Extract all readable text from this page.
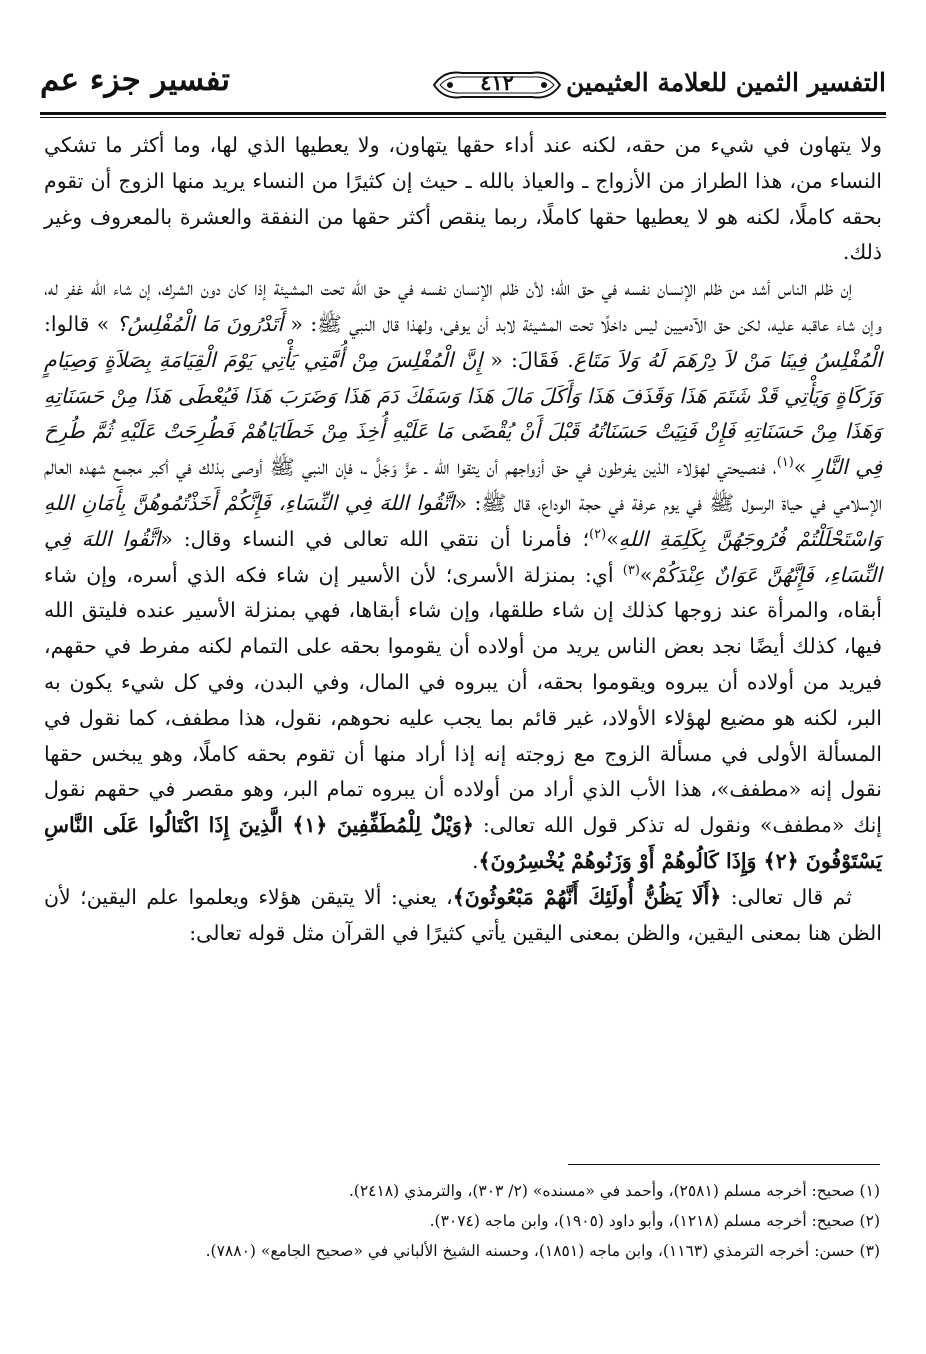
التفسير الثمين للعلامة العثيمين
٤١٢
تفسير جزء عم

ولا يتهاون في شيء من حقه، لكنه عند أداء حقها يتهاون، ولا يعطيها الذي لها، وما أكثر ما تشكي النساء من، هذا الطراز من الأزواج ـ والعياذ بالله ـ حيث إن كثيرًا من النساء يريد منها الزوج أن تقوم بحقه كاملًا، لكنه هو لا يعطيها حقها كاملًا، ربما ينقص أكثر حقها من النفقة والعشرة بالمعروف وغير ذلك.

إن ظلم الناس أشد من ظلم الإنسان نفسه في حق الله؛ لأن ظلم الإنسان نفسه في حق الله تحت المشيئة إذا كان دون الشرك، إن شاء الله غفر له، وإن شاء عاقبه عليه، لكن حق الآدميين ليس داخلًا تحت المشيئة لابد أن يوفى، ولهذا قال النبي ﷺ: « أَتَدْرُونَ مَا الْمُفْلِسُ؟ » قالوا: الْمُفْلِسُ فِينَا مَنْ لاَ دِرْهَمَ لَهُ وَلاَ مَتَاعَ. فَقَالَ: « إِنَّ الْمُفْلِسَ مِنْ أُمَّتِي يَأْتِي يَوْمَ الْقِيَامَةِ بِصَلاَةٍ وَصِيَامٍ وَزَكَاةٍ وَيَأْتِي قَدْ شَتَمَ هَذَا وَقَذَفَ هَذَا وَأَكَلَ مَالَ هَذَا وَسَفَكَ دَمَ هَذَا وَضَرَبَ هَذَا فَيُعْطَى هَذَا مِنْ حَسَنَاتِهِ وَهَذَا مِنْ حَسَنَاتِهِ فَإِنْ فَنِيَتْ حَسَنَاتُهُ قَبْلَ أَنْ يُقْضَى مَا عَلَيْهِ أُخِذَ مِنْ خَطَايَاهُمْ فَطُرِحَتْ عَلَيْهِ ثُمَّ طُرِحَ فِي النَّارِ »$^{(١)}$، فنصيحتي لهؤلاء الذين يفرطون في حق أزواجهم أن يتقوا الله ـ عزَّ وَجَلَّ ـ، فإن النبي ﷺ أوصى بذلك في أكبر مجمع شهده العالم الإسلامي في حياة الرسول ﷺ في يوم عرفة في حجة الوداع، قال ﷺ: «اتَّقُوا اللهَ فِي النِّسَاءِ، فَإِنَّكُمْ أَخَذْتُمُوهُنَّ بِأَمَانِ اللهِ وَاسْتَحْلَلْتُمْ فُرُوجَهُنَّ بِكَلِمَةِ اللهِ»$^{(٢)}$؛ فأمرنا أن نتقي الله تعالى في النساء وقال: «اتَّقُوا اللهَ فِي النِّسَاءِ، فَإِنَّهُنَّ عَوَانٌ عِنْدَكُمْ»$^{(٣)}$ أي: بمنزلة الأسرى؛ لأن الأسير إن شاء فكه الذي أسره، وإن شاء أبقاه، والمرأة عند زوجها كذلك إن شاء طلقها، وإن شاء أبقاها، فهي بمنزلة الأسير عنده فليتق الله فيها، كذلك أيضًا نجد بعض الناس يريد من أولاده أن يقوموا بحقه على التمام لكنه مفرط في حقهم، فيريد من أولاده أن يبروه ويقوموا بحقه، أن يبروه في المال، وفي البدن، وفي كل شيء يكون به البر، لكنه هو مضيع لهؤلاء الأولاد، غير قائم بما يجب عليه نحوهم، نقول، هذا مطفف، كما نقول في المسألة الأولى في مسألة الزوج مع زوجته إنه إذا أراد منها أن تقوم بحقه كاملًا، وهو يبخس حقها نقول إنه «مطفف»، هذا الأب الذي أراد من أولاده أن يبروه تمام البر، وهو مقصر في حقهم نقول إنك «مطفف» ونقول له تذكر قول الله تعالى: ﴿وَيْلٌ لِلْمُطَفِّفِينَ ﴿١﴾ الَّذِينَ إِذَا اكْتَالُوا عَلَى النَّاسِ يَسْتَوْفُونَ ﴿٢﴾ وَإِذَا كَالُوهُمْ أَوْ وَزَنُوهُمْ يُخْسِرُونَ﴾.

ثم قال تعالى: ﴿أَلَا يَظُنُّ أُولَئِكَ أَنَّهُمْ مَبْعُوثُونَ﴾، يعني: ألا يتيقن هؤلاء ويعلموا علم اليقين؛ لأن الظن هنا بمعنى اليقين، والظن بمعنى اليقين يأتي كثيرًا في القرآن مثل قوله تعالى:

(١) صحيح: أخرجه مسلم (٢٥٨١)، وأحمد في «مسنده» (٢/ ٣٠٣)، والترمذي (٢٤١٨).

(٢) صحيح: أخرجه مسلم (١٢١٨)، وأبو داود (١٩٠٥)، وابن ماجه (٣٠٧٤).

(٣) حسن: أخرجه الترمذي (١١٦٣)، وابن ماجه (١٨٥١)، وحسنه الشيخ الألباني في «صحيح الجامع» (٧٨٨٠).
